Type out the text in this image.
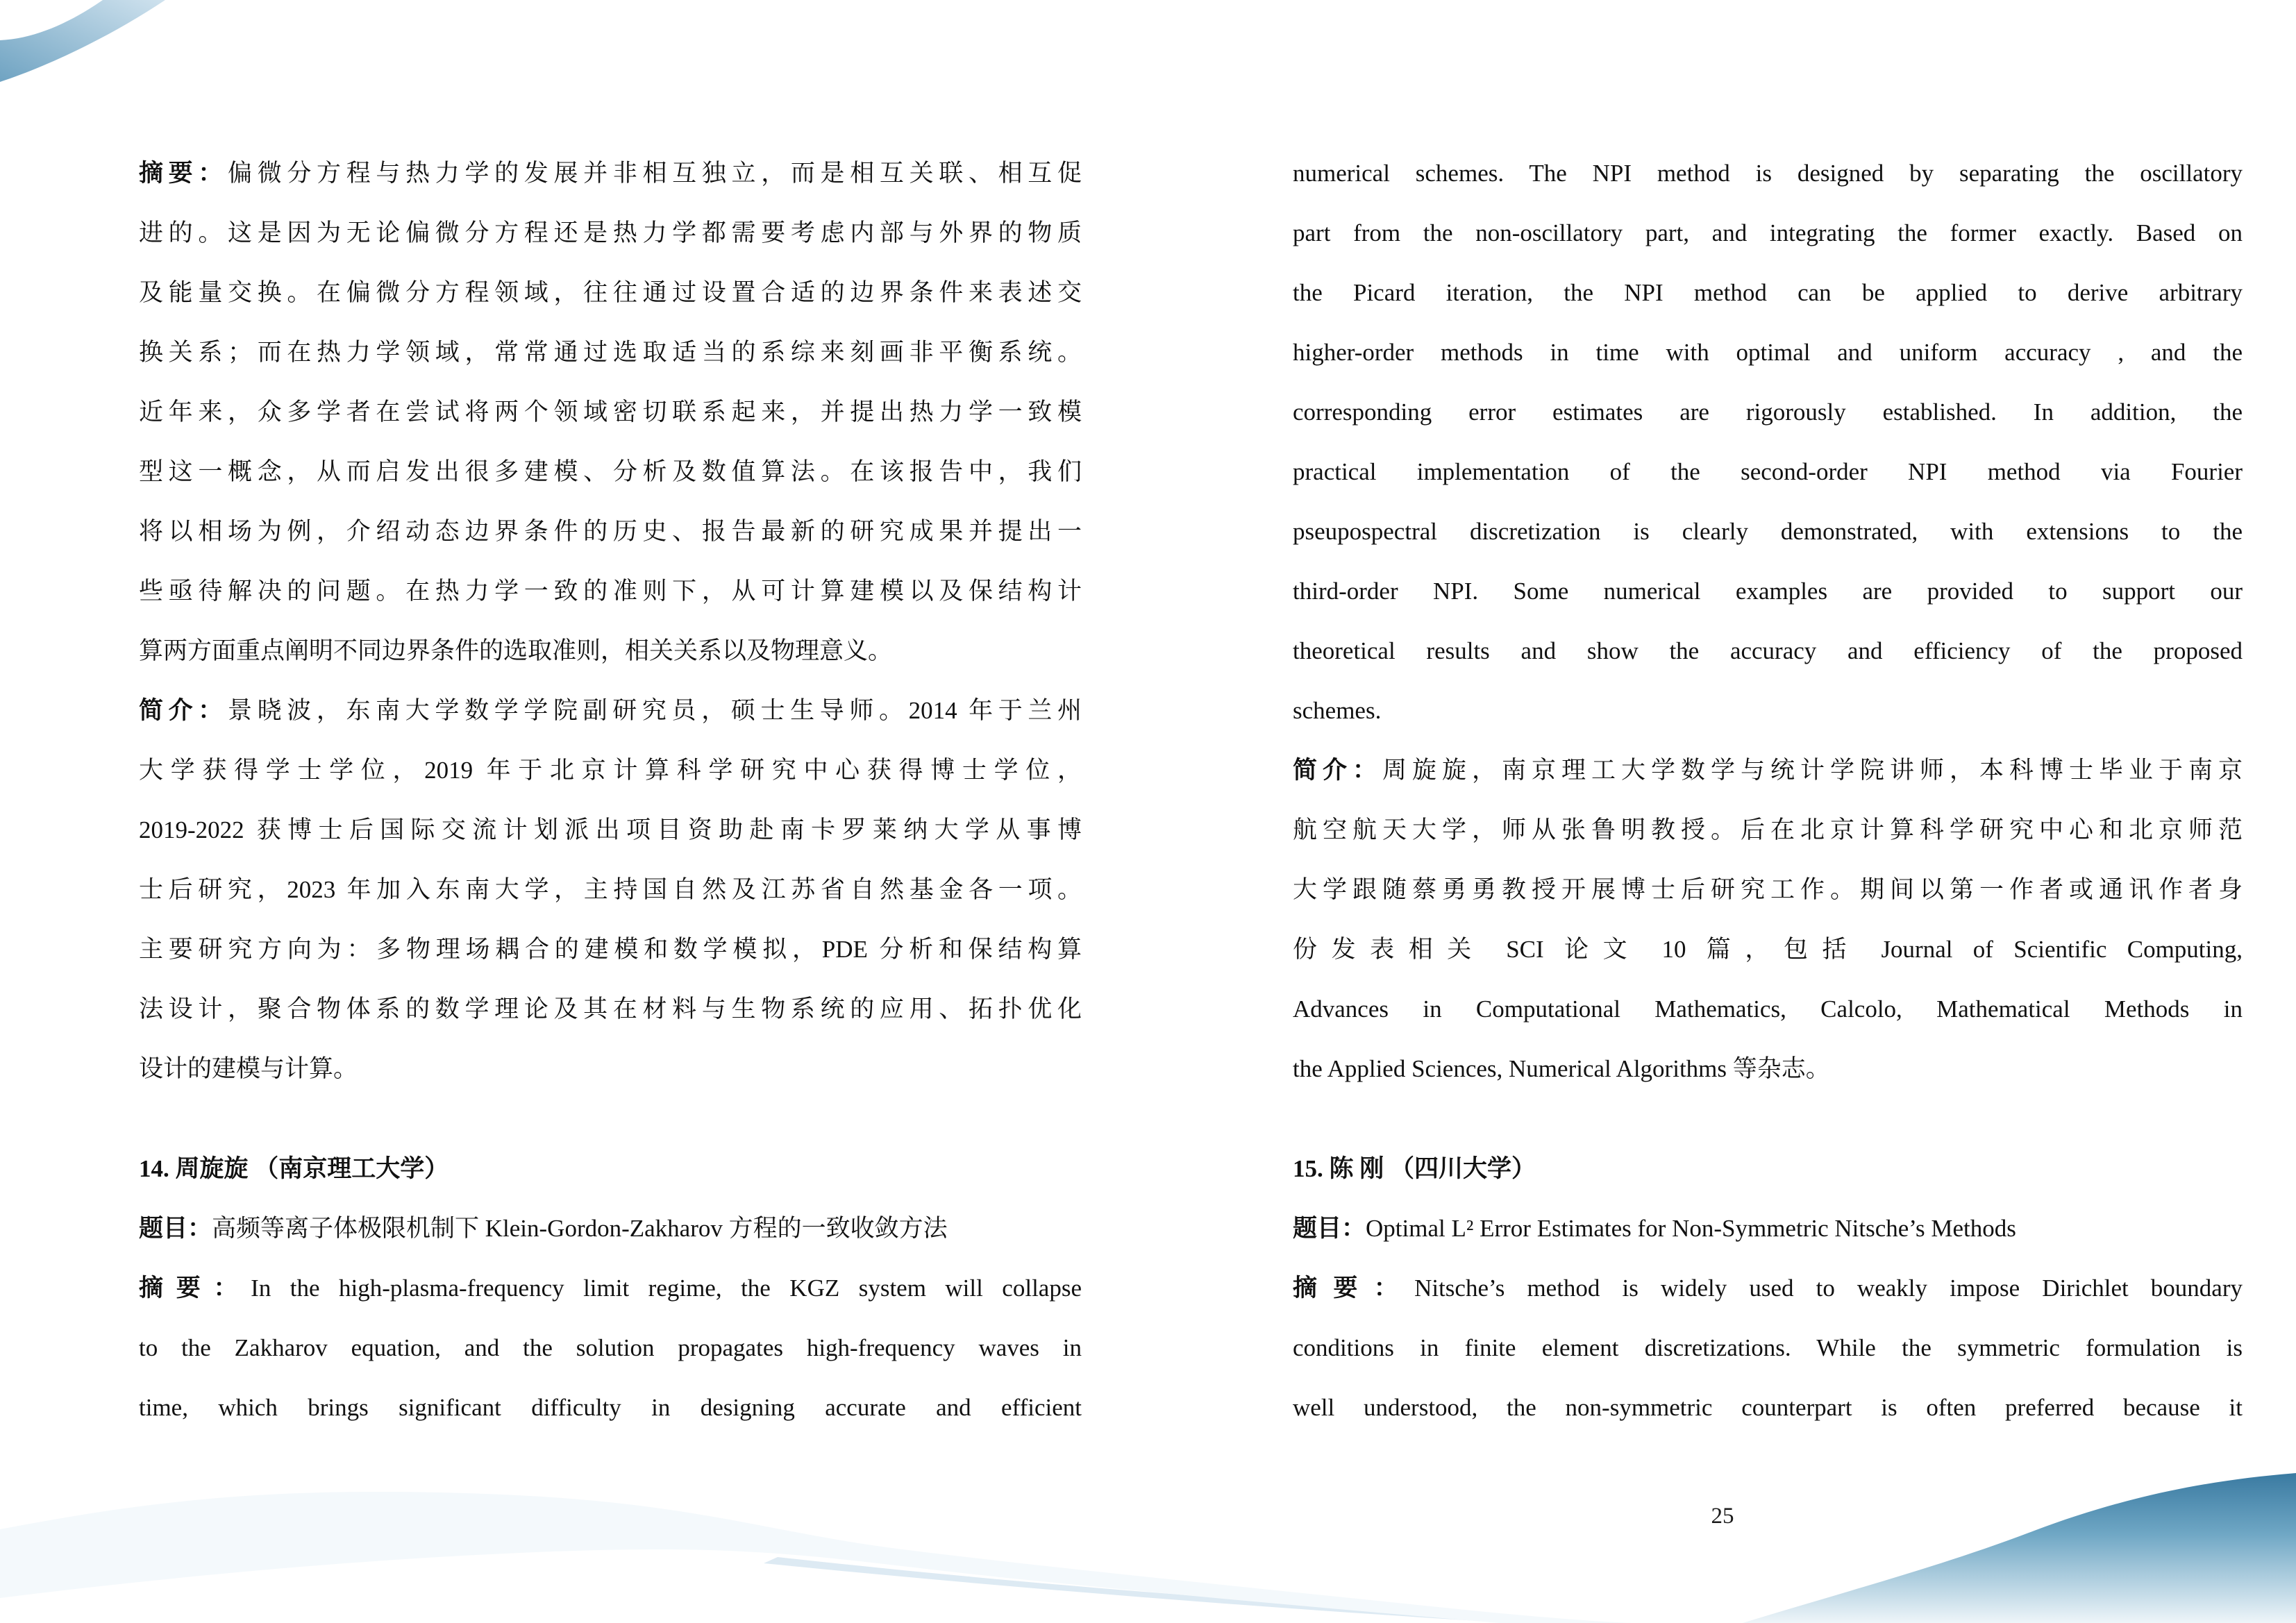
摘要：偏微分方程与热力学的发展并非相互独立，而是相互关联、相互促
进的。这是因为无论偏微分方程还是热力学都需要考虑内部与外界的物质
及能量交换。在偏微分方程领域，往往通过设置合适的边界条件来表述交
换关系；而在热力学领域，常常通过选取适当的系综来刻画非平衡系统。
近年来，众多学者在尝试将两个领域密切联系起来，并提出热力学一致模
型这一概念，从而启发出很多建模、分析及数值算法。在该报告中，我们
将以相场为例，介绍动态边界条件的历史、报告最新的研究成果并提出一
些亟待解决的问题。在热力学一致的准则下，从可计算建模以及保结构计
算两方面重点阐明不同边界条件的选取准则，相关关系以及物理意义。
简介：景晓波，东南大学数学学院副研究员，硕士生导师。2014 年于兰州
大学获得学士学位，2019 年于北京计算科学研究中心获得博士学位，
2019-2022 获博士后国际交流计划派出项目资助赴南卡罗莱纳大学从事博
士后研究，2023 年加入东南大学，主持国自然及江苏省自然基金各一项。
主要研究方向为：多物理场耦合的建模和数学模拟，PDE 分析和保结构算
法设计，聚合物体系的数学理论及其在材料与生物系统的应用、拓扑优化
设计的建模与计算。
14. 周旋旋 （南京理工大学）
题目：高频等离子体极限机制下 Klein-Gordon-Zakharov 方程的一致收敛方法
摘要：In the high-plasma-frequency limit regime, the KGZ system will collapse
to the Zakharov equation, and the solution propagates high-frequency waves in
time, which brings significant difficulty in designing accurate and efficient
numerical schemes. The NPI method is designed by separating the oscillatory
part from the non-oscillatory part, and integrating the former exactly. Based on
the Picard iteration, the NPI method can be applied to derive arbitrary
higher-order methods in time with optimal and uniform accuracy , and the
corresponding error estimates are rigorously established. In addition, the
practical implementation of the second-order NPI method via Fourier
pseupospectral discretization is clearly demonstrated, with extensions to the
third-order NPI. Some numerical examples are provided to support our
theoretical results and show the accuracy and efficiency of the proposed
schemes.
简介：周旋旋，南京理工大学数学与统计学院讲师，本科博士毕业于南京
航空航天大学，师从张鲁明教授。后在北京计算科学研究中心和北京师范
大学跟随蔡勇勇教授开展博士后研究工作。期间以第一作者或通讯作者身
份发表相关 SCI 论文 10 篇，包括 Journal of Scientific Computing,
Advances in Computational Mathematics, Calcolo, Mathematical Methods in
the Applied Sciences, Numerical Algorithms 等杂志。
15. 陈 刚 （四川大学）
题目：Optimal L² Error Estimates for Non-Symmetric Nitsche’s Methods
摘要：Nitsche’s method is widely used to weakly impose Dirichlet boundary
conditions in finite element discretizations. While the symmetric formulation is
well understood, the non-symmetric counterpart is often preferred because it
25
